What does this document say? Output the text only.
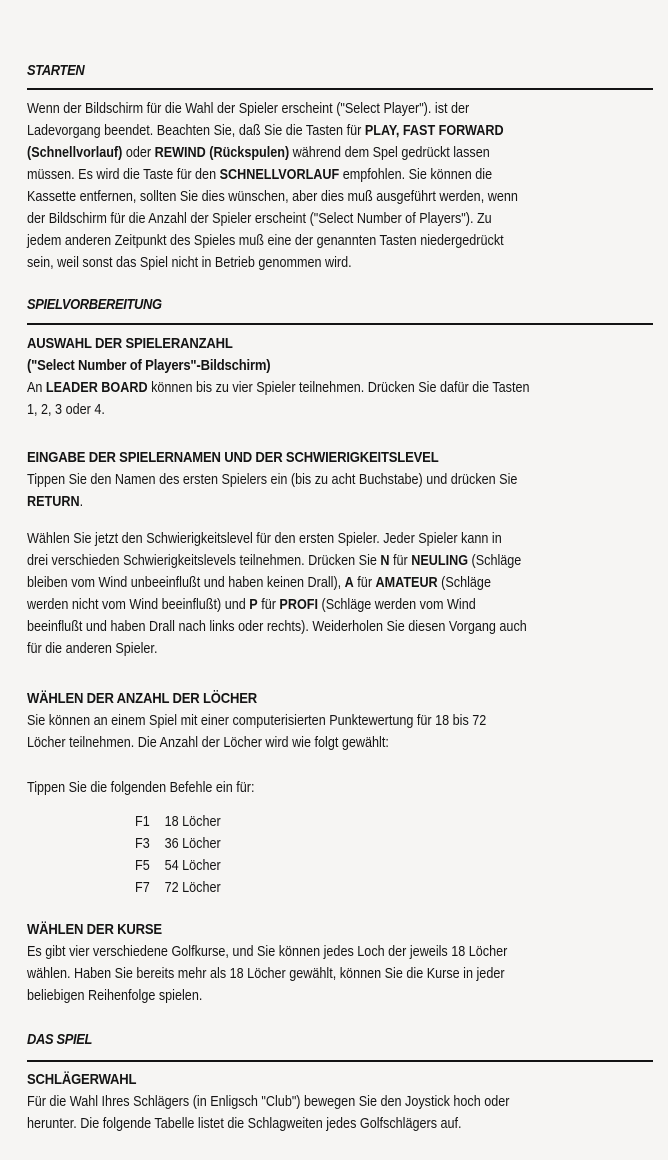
STARTEN
Wenn der Bildschirm für die Wahl der Spieler erscheint ("Select Player"). ist der
Ladevorgang beendet. Beachten Sie, daß Sie die Tasten für PLAY, FAST FORWARD
(Schnellvorlauf) oder REWIND (Rückspulen) während dem Spel gedrückt lassen
müssen. Es wird die Taste für den SCHNELLVORLAUF empfohlen. Sie können die
Kassette entfernen, sollten Sie dies wünschen, aber dies muß ausgeführt werden, wenn
der Bildschirm für die Anzahl der Spieler erscheint ("Select Number of Players"). Zu
jedem anderen Zeitpunkt des Spieles muß eine der genannten Tasten niedergedrückt
sein, weil sonst das Spiel nicht in Betrieb genommen wird.
SPIELVORBEREITUNG
AUSWAHL DER SPIELERANZAHL
("Select Number of Players"-Bildschirm)
An LEADER BOARD können bis zu vier Spieler teilnehmen. Drücken Sie dafür die Tasten
1, 2, 3 oder 4.
EINGABE DER SPIELERNAMEN UND DER SCHWIERIGKEITSLEVEL
Tippen Sie den Namen des ersten Spielers ein (bis zu acht Buchstabe) und drücken Sie
RETURN.
Wählen Sie jetzt den Schwierigkeitslevel für den ersten Spieler. Jeder Spieler kann in
drei verschieden Schwierigkeitslevels teilnehmen. Drücken Sie N für NEULING (Schläge
bleiben vom Wind unbeeinflußt und haben keinen Drall), A für AMATEUR (Schläge
werden nicht vom Wind beeinflußt) und P für PROFI (Schläge werden vom Wind
beeinflußt und haben Drall nach links oder rechts). Weiderholen Sie diesen Vorgang auch
für die anderen Spieler.
WÄHLEN DER ANZAHL DER LÖCHER
Sie können an einem Spiel mit einer computerisierten Punktewertung für 18 bis 72
Löcher teilnehmen. Die Anzahl der Löcher wird wie folgt gewählt:
Tippen Sie die folgenden Befehle ein für:
F1	18 Löcher
F3	36 Löcher
F5	54 Löcher
F7	72 Löcher
WÄHLEN DER KURSE
Es gibt vier verschiedene Golfkurse, und Sie können jedes Loch der jeweils 18 Löcher
wählen. Haben Sie bereits mehr als 18 Löcher gewählt, können Sie die Kurse in jeder
beliebigen Reihenfolge spielen.
DAS SPIEL
SCHLÄGERWAHL
Für die Wahl Ihres Schlägers (in Enligsch "Club") bewegen Sie den Joystick hoch oder
herunter. Die folgende Tabelle listet die Schlagweiten jedes Golfschlägers auf.
